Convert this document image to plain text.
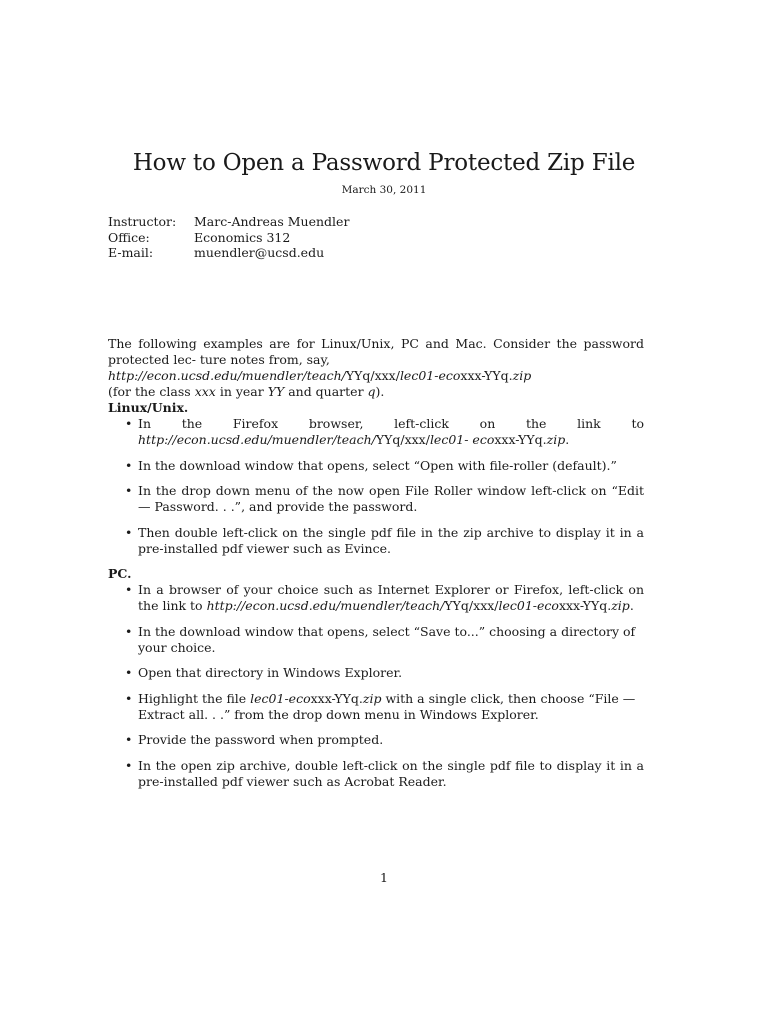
How to Open a Password Protected Zip File
March 30, 2011
Instructor:	Marc-Andreas Muendler
Office:	Economics 312
E-mail:	muendler@ucsd.edu

The following examples are for Linux/Unix, PC and Mac. Consider the password protected lec- ture notes from, say,

http://econ.ucsd.edu/muendler/teach/YYq/xxx/lec01-ecoxxx-YYq.zip

(for the class xxx in year YY and quarter q).

Linux/Unix.

• In the Firefox browser, left-click on the link to http://econ.ucsd.edu/muendler/teach/YYq/xxx/lec01- ecoxxx-YYq.zip.
• In the download window that opens, select “Open with file-roller (default).”
• In the drop down menu of the now open File Roller window left-click on “Edit — Password. . .”, and provide the password.
• Then double left-click on the single pdf file in the zip archive to display it in a pre-installed pdf viewer such as Evince.

PC.

• In a browser of your choice such as Internet Explorer or Firefox, left-click on the link to http://econ.ucsd.edu/muendler/teach/YYq/xxx/lec01-ecoxxx-YYq.zip.
• In the download window that opens, select “Save to...” choosing a directory of your choice.
• Open that directory in Windows Explorer.
• Highlight the file lec01-ecoxxx-YYq.zip with a single click, then choose “File — Extract all. . .” from the drop down menu in Windows Explorer.
• Provide the password when prompted.
• In the open zip archive, double left-click on the single pdf file to display it in a pre-installed pdf viewer such as Acrobat Reader.
1
